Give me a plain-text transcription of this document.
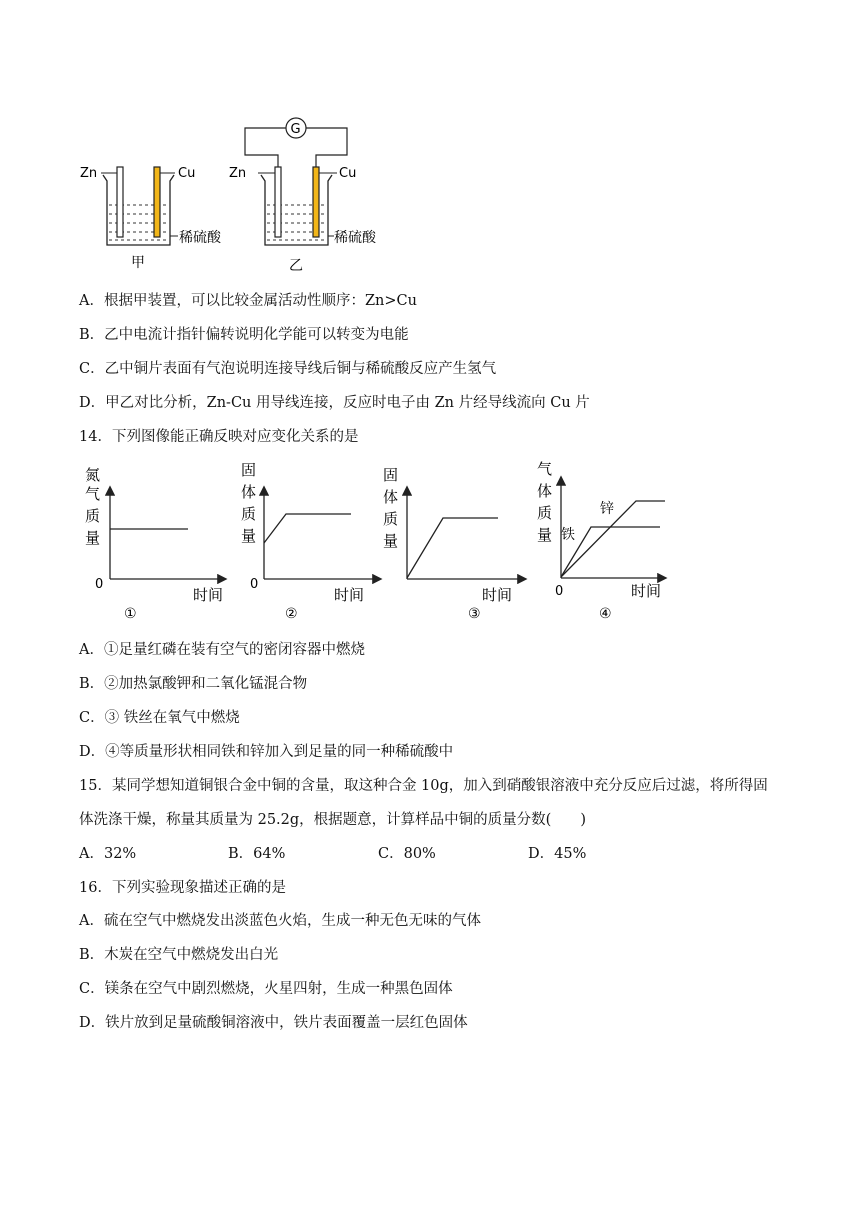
Zn	Cu
稀硫酸
甲
G
Zn	Cu
稀硫酸
乙
A．根据甲装置，可以比较金属活动性顺序：Zn>Cu
B．乙中电流计指针偏转说明化学能可以转变为电能
C．乙中铜片表面有气泡说明连接导线后铜与稀硫酸反应产生氢气
D．甲乙对比分析，Zn-Cu 用导线连接，反应时电子由 Zn 片经导线流向 Cu 片
14．下列图像能正确反映对应变化关系的是
氮
气
质
量
0
时间
①
固
体
质
量
0
时间
②
固
体
质
量
时间
③
气
体
质
量
锌
铁
0	时间
④
A．①足量红磷在装有空气的密闭容器中燃烧
B．②加热氯酸钾和二氧化锰混合物
C．③ 铁丝在氧气中燃烧
D．④等质量形状相同铁和锌加入到足量的同一种稀硫酸中
15．某同学想知道铜银合金中铜的含量，取这种合金 10g，加入到硝酸银溶液中充分反应后过滤，将所得固
体洗涤干燥，称量其质量为 25.2g，根据题意，计算样品中铜的质量分数(　　)
A．32%	B．64%	C．80%	D．45%
16．下列实验现象描述正确的是
A．硫在空气中燃烧发出淡蓝色火焰，生成一种无色无味的气体
B．木炭在空气中燃烧发出白光
C．镁条在空气中剧烈燃烧，火星四射，生成一种黑色固体
D．铁片放到足量硫酸铜溶液中，铁片表面覆盖一层红色固体
